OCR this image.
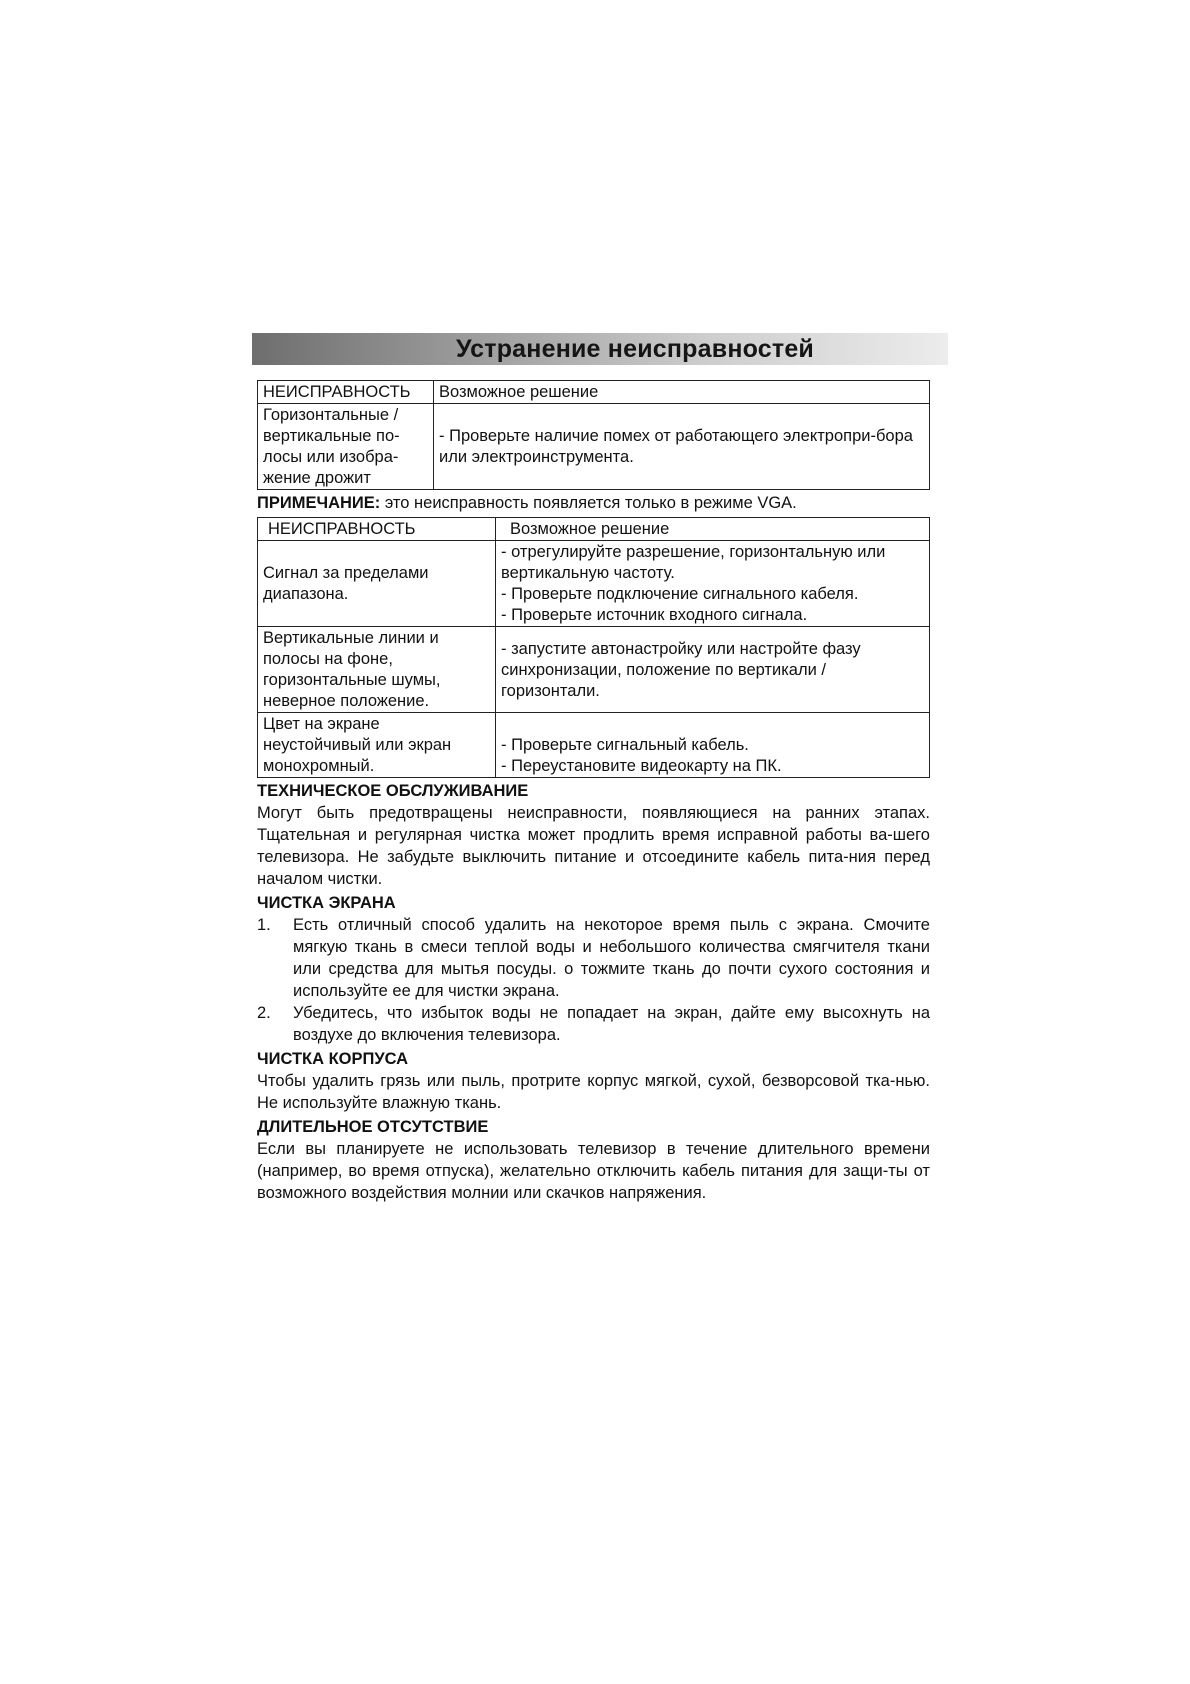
Устранение неисправностей
НЕИСПРАВНОСТЬ	Возможное решение
Горизонтальные / вертикальные по- лосы или изобра- жение дрожит	- Проверьте наличие помех от работающего электропри-бора или электроинструмента.
ПРИМЕЧАНИЕ: это неисправность появляется только в режиме VGA.
НЕИСПРАВНОСТЬ	Возможное решение
Сигнал за пределами диапазона.	- отрегулируйте разрешение, горизонтальную или вертикальную частоту.
- Проверьте подключение сигнального кабеля.
- Проверьте источник входного сигнала.

Вертикальные линии и полосы на фоне, горизонтальные шумы, неверное положение.	- запустите автонастройку или настройте фазу синхронизации, положение по вертикали / горизонтали.

Цвет на экране неустойчивый или экран монохромный.	- Проверьте сигнальный кабель.
- Переустановите видеокарту на ПК.
ТЕХНИЧЕСКОЕ ОБСЛУЖИВАНИЕ

Могут быть предотвращены неисправности, появляющиеся на ранних этапах. Тщательная и регулярная чистка может продлить время исправной работы ва-шего телевизора. Не забудьте выключить питание и отсоедините кабель пита-ния перед началом чистки.

ЧИСТКА ЭКРАНА
1. Есть отличный способ удалить на некоторое время пыль с экрана. Смочите мягкую ткань в смеси теплой воды и небольшого количества смягчителя ткани или средства для мытья посуды. о тожмите ткань до почти сухого состояния и используйте ее для чистки экрана.
2. Убедитесь, что избыток воды не попадает на экран, дайте ему высохнуть на воздухе до включения телевизора.
ЧИСТКА КОРПУСА

Чтобы удалить грязь или пыль, протрите корпус мягкой, сухой, безворсовой тка-нью. Не используйте влажную ткань.

ДЛИТЕЛЬНОЕ ОТСУТСТВИЕ

Если вы планируете не использовать телевизор в течение длительного времени (например, во время отпуска), желательно отключить кабель питания для защи-ты от возможного воздействия молнии или скачков напряжения.
